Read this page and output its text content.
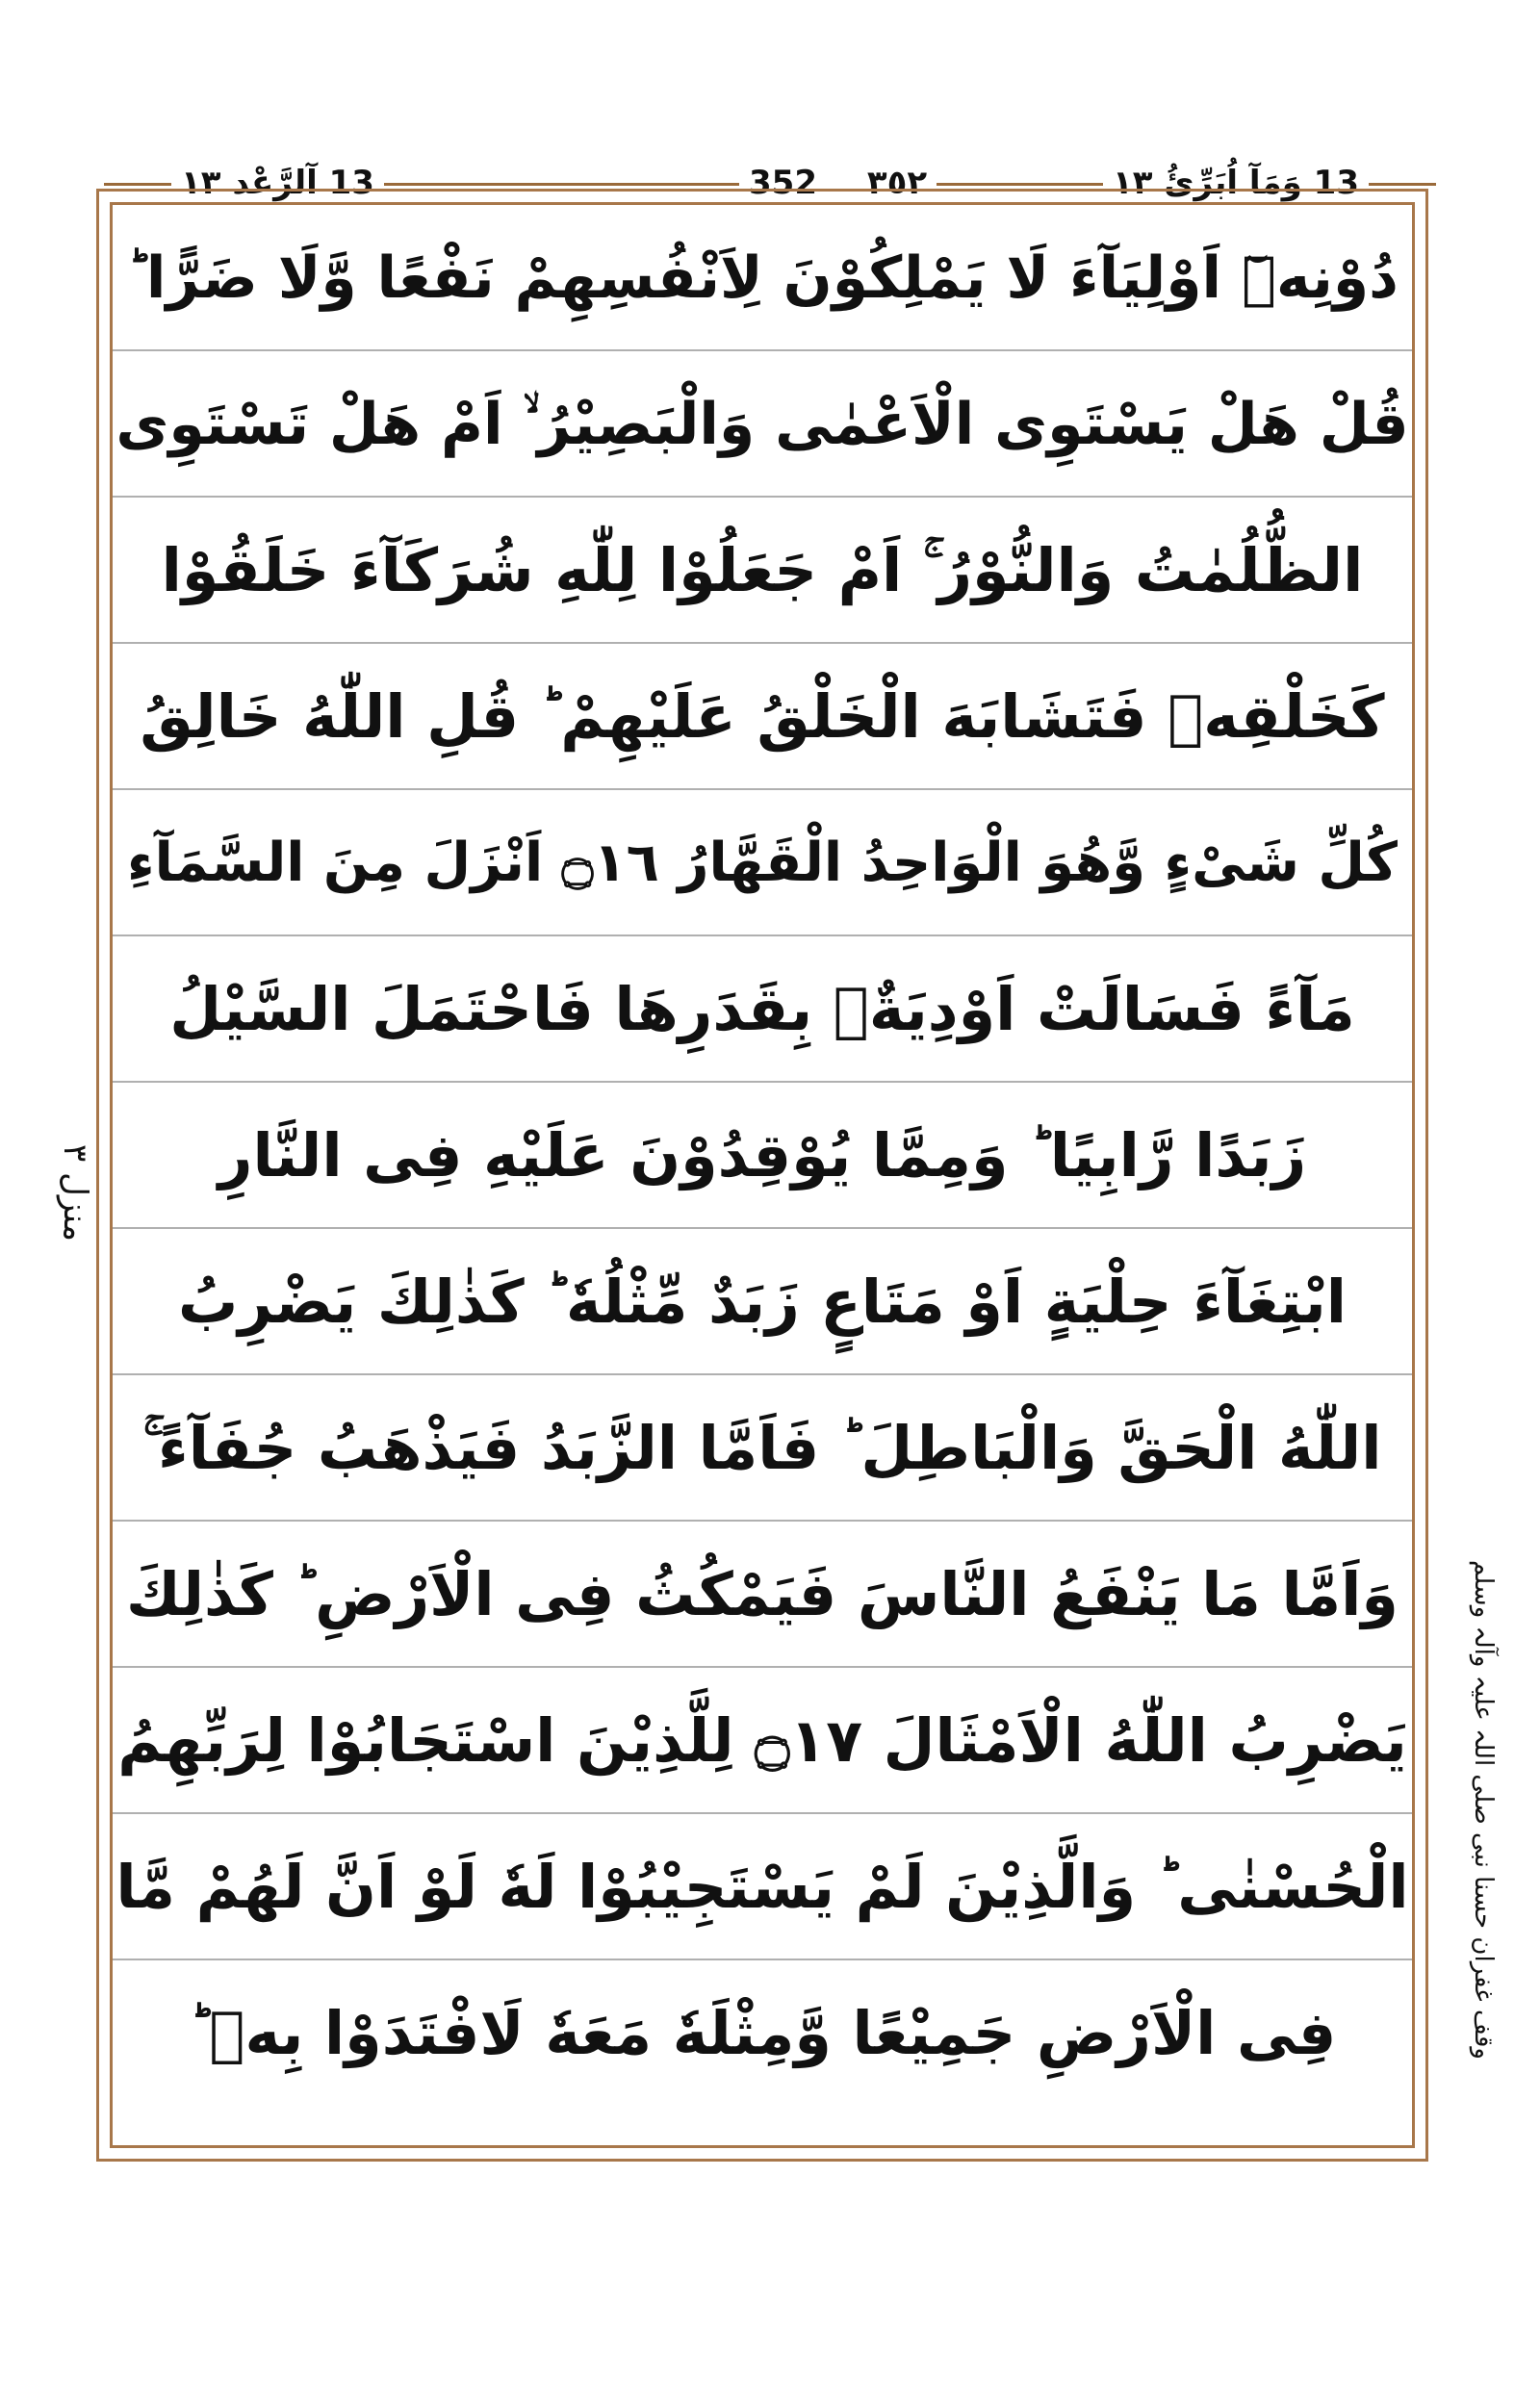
13 آلرَّعْد ١٣	٣٥٢ 352	13 وَمَآ اُبَرِّئُ ١٣
دُوْنِهٖٓ اَوْلِيَآءَ لَا يَمْلِكُوْنَ لِاَنْفُسِهِمْ نَفْعًا وَّلَا ضَرًّا ؕ
قُلْ هَلْ يَسْتَوِى الْاَعْمٰى وَالْبَصِيْرُ ۙ اَمْ هَلْ تَسْتَوِى
الظُّلُمٰتُ وَالنُّوْرُ ۚ اَمْ جَعَلُوْا لِلّٰهِ شُرَكَآءَ خَلَقُوْا
كَخَلْقِهٖ فَتَشَابَهَ الْخَلْقُ عَلَيْهِمْ ؕ قُلِ اللّٰهُ خَالِقُ
كُلِّ شَیْءٍ وَّهُوَ الْوَاحِدُ الْقَهَّارُ ۝١٦ اَنْزَلَ مِنَ السَّمَآءِ
مَآءً فَسَالَتْ اَوْدِيَةٌۢ بِقَدَرِهَا فَاحْتَمَلَ السَّيْلُ
زَبَدًا رَّابِيًا ؕ وَمِمَّا يُوْقِدُوْنَ عَلَيْهِ فِى النَّارِ
ابْتِغَآءَ حِلْيَةٍ اَوْ مَتَاعٍ زَبَدٌ مِّثْلُهٗ ؕ كَذٰلِكَ يَضْرِبُ
اللّٰهُ الْحَقَّ وَالْبَاطِلَ ؕ فَاَمَّا الزَّبَدُ فَيَذْهَبُ جُفَآءً ۚ
وَاَمَّا مَا يَنْفَعُ النَّاسَ فَيَمْكُثُ فِى الْاَرْضِ ؕ كَذٰلِكَ
يَضْرِبُ اللّٰهُ الْاَمْثَالَ ۝١٧ لِلَّذِيْنَ اسْتَجَابُوْا لِرَبِّهِمُ
الْحُسْنٰى ؕ وَالَّذِيْنَ لَمْ يَسْتَجِيْبُوْا لَهٗ لَوْ اَنَّ لَهُمْ مَّا
فِى الْاَرْضِ جَمِيْعًا وَّمِثْلَهٗ مَعَهٗ لَافْتَدَوْا بِهٖ ؕ
منزل ٣
وقف غفران حسنا نبی صلی اللہ علیہ وآلہ وسلم
